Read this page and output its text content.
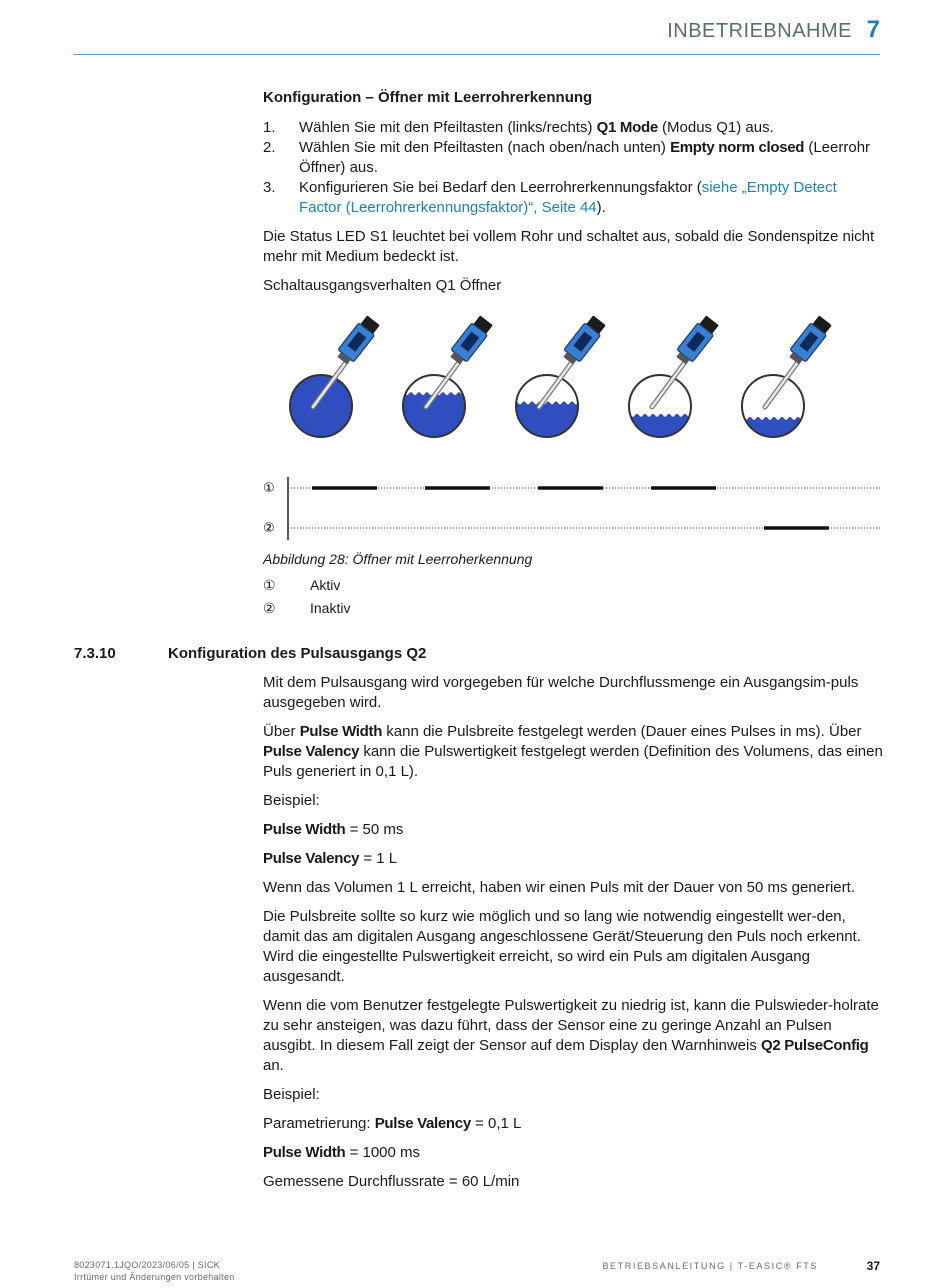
INBETRIEBNAHME 7

Konfiguration – Öffner mit Leerrohrerkennung

1. Wählen Sie mit den Pfeiltasten (links/rechts) Q1 Mode (Modus Q1) aus.
2. Wählen Sie mit den Pfeiltasten (nach oben/nach unten) Empty norm closed (Leerrohr Öffner) aus.
3. Konfigurieren Sie bei Bedarf den Leerrohrerkennungsfaktor (siehe „Empty Detect Factor (Leerrohrerkennungsfaktor)“, Seite 44).

Die Status LED S1 leuchtet bei vollem Rohr und schaltet aus, sobald die Sondenspitze nicht mehr mit Medium bedeckt ist.

Schaltausgangsverhalten Q1 Öffner

①
②
Abbildung 28: Öffner mit Leerroherkennung
① Aktiv
② Inaktiv
7.3.10	Konfiguration des Pulsausgangs Q2

Mit dem Pulsausgang wird vorgegeben für welche Durchflussmenge ein Ausgangsim-puls ausgegeben wird.

Über Pulse Width kann die Pulsbreite festgelegt werden (Dauer eines Pulses in ms). Über Pulse Valency kann die Pulswertigkeit festgelegt werden (Definition des Volumens, das einen Puls generiert in 0,1 L).

Beispiel:

Pulse Width = 50 ms

Pulse Valency = 1 L

Wenn das Volumen 1 L erreicht, haben wir einen Puls mit der Dauer von 50 ms generiert.

Die Pulsbreite sollte so kurz wie möglich und so lang wie notwendig eingestellt wer-den, damit das am digitalen Ausgang angeschlossene Gerät/Steuerung den Puls noch erkennt. Wird die eingestellte Pulswertigkeit erreicht, so wird ein Puls am digitalen Ausgang ausgesandt.

Wenn die vom Benutzer festgelegte Pulswertigkeit zu niedrig ist, kann die Pulswieder-holrate zu sehr ansteigen, was dazu führt, dass der Sensor eine zu geringe Anzahl an Pulsen ausgibt. In diesem Fall zeigt der Sensor auf dem Display den Warnhinweis Q2 PulseConfig an.

Beispiel:

Parametrierung: Pulse Valency = 0,1 L

Pulse Width = 1000 ms

Gemessene Durchflussrate = 60 L/min

8023071.1JQO/2023/06/05 | SICK
Irrtümer und Änderungen vorbehalten
BETRIEBSANLEITUNG | T-EASIC® FTS	37
